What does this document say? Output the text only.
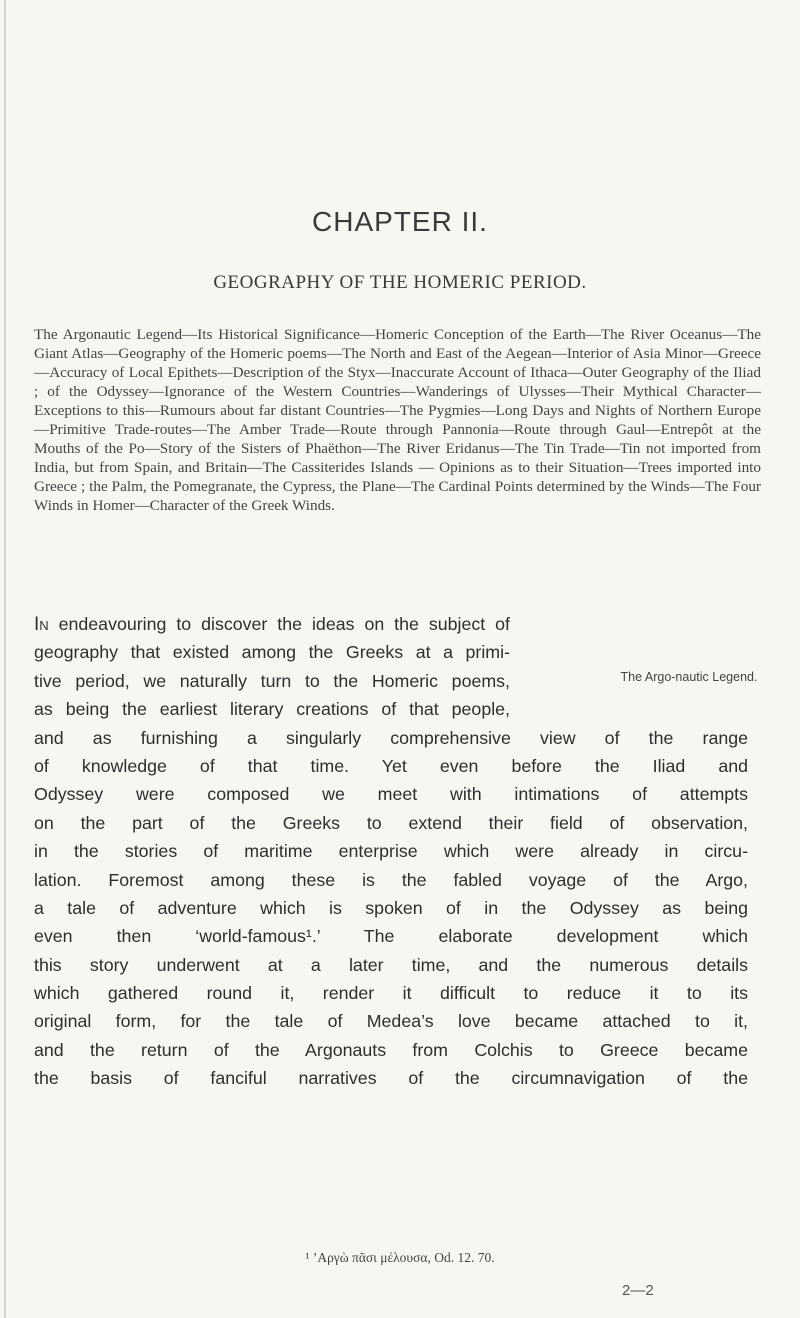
CHAPTER II.
GEOGRAPHY OF THE HOMERIC PERIOD.
The Argonautic Legend—Its Historical Significance—Homeric Conception of the Earth—The River Oceanus—The Giant Atlas—Geography of the Homeric poems—The North and East of the Aegean—Interior of Asia Minor—Greece—Accuracy of Local Epithets—Description of the Styx—Inaccurate Account of Ithaca—Outer Geography of the Iliad ; of the Odyssey—Ignorance of the Western Countries—Wanderings of Ulysses—Their Mythical Character—Exceptions to this—Rumours about far distant Countries—The Pygmies—Long Days and Nights of Northern Europe—Primitive Trade-routes—The Amber Trade—Route through Pannonia—Route through Gaul—Entrepôt at the Mouths of the Po—Story of the Sisters of Phaëthon—The River Eridanus—The Tin Trade—Tin not imported from India, but from Spain, and Britain—The Cassiterides Islands — Opinions as to their Situation—Trees imported into Greece ; the Palm, the Pomegranate, the Cypress, the Plane—The Cardinal Points determined by the Winds—The Four Winds in Homer—Character of the Greek Winds.
In endeavouring to discover the ideas on the subject of
geography that existed among the Greeks at a primi-
tive period, we naturally turn to the Homeric poems,
as being the earliest literary creations of that people,
and as furnishing a singularly comprehensive view of the range
of knowledge of that time. Yet even before the Iliad and
Odyssey were composed we meet with intimations of attempts
on the part of the Greeks to extend their field of observation,
in the stories of maritime enterprise which were already in circu-
lation. Foremost among these is the fabled voyage of the Argo,
a tale of adventure which is spoken of in the Odyssey as being
even then ‘world-famous¹.’ The elaborate development which
this story underwent at a later time, and the numerous details
which gathered round it, render it difficult to reduce it to its
original form, for the tale of Medea’s love became attached to it,
and the return of the Argonauts from Colchis to Greece became
the basis of fanciful narratives of the circumnavigation of the
The Argo-nautic Legend.
¹ ’Αργὼ πᾶσι μέλουσα, Od. 12. 70.
2—2
